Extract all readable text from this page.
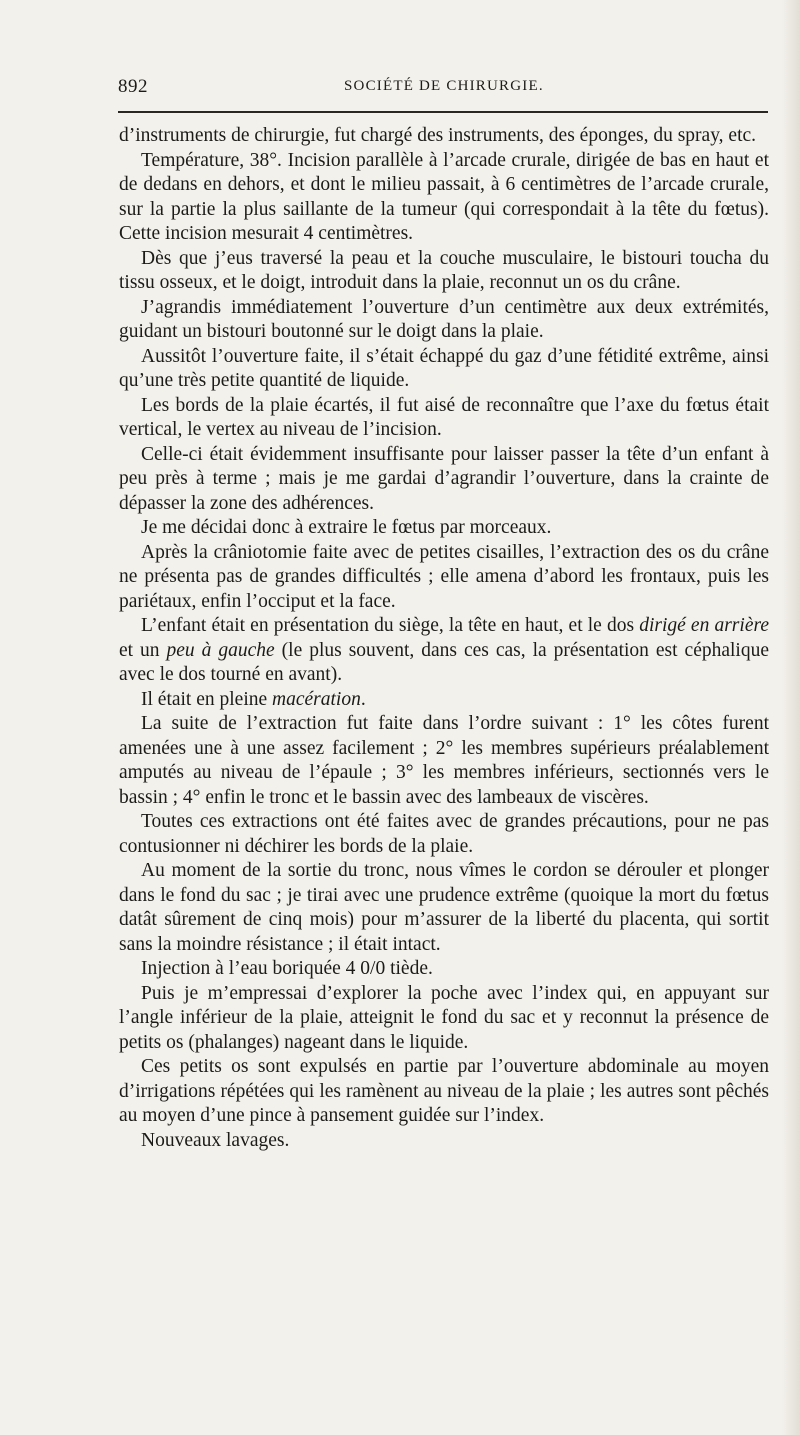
892	SOCIÉTÉ DE CHIRURGIE.

d’instruments de chirurgie, fut chargé des instruments, des éponges, du spray, etc.

Température, 38°. Incision parallèle à l’arcade crurale, dirigée de bas en haut et de dedans en dehors, et dont le milieu passait, à 6 centimètres de l’arcade crurale, sur la partie la plus saillante de la tumeur (qui correspondait à la tête du fœtus). Cette incision mesurait 4 centimètres.

Dès que j’eus traversé la peau et la couche musculaire, le bistouri toucha du tissu osseux, et le doigt, introduit dans la plaie, reconnut un os du crâne.

J’agrandis immédiatement l’ouverture d’un centimètre aux deux extrémités, guidant un bistouri boutonné sur le doigt dans la plaie.

Aussitôt l’ouverture faite, il s’était échappé du gaz d’une fétidité extrême, ainsi qu’une très petite quantité de liquide.

Les bords de la plaie écartés, il fut aisé de reconnaître que l’axe du fœtus était vertical, le vertex au niveau de l’incision.

Celle-ci était évidemment insuffisante pour laisser passer la tête d’un enfant à peu près à terme ; mais je me gardai d’agrandir l’ouverture, dans la crainte de dépasser la zone des adhérences.

Je me décidai donc à extraire le fœtus par morceaux.

Après la crâniotomie faite avec de petites cisailles, l’extraction des os du crâne ne présenta pas de grandes difficultés ; elle amena d’abord les frontaux, puis les pariétaux, enfin l’occiput et la face.

L’enfant était en présentation du siège, la tête en haut, et le dos dirigé en arrière et un peu à gauche (le plus souvent, dans ces cas, la présentation est céphalique avec le dos tourné en avant).

Il était en pleine macération.

La suite de l’extraction fut faite dans l’ordre suivant : 1° les côtes furent amenées une à une assez facilement ; 2° les membres supérieurs préalablement amputés au niveau de l’épaule ; 3° les membres inférieurs, sectionnés vers le bassin ; 4° enfin le tronc et le bassin avec des lambeaux de viscères.

Toutes ces extractions ont été faites avec de grandes précautions, pour ne pas contusionner ni déchirer les bords de la plaie.

Au moment de la sortie du tronc, nous vîmes le cordon se dérouler et plonger dans le fond du sac ; je tirai avec une prudence extrême (quoique la mort du fœtus datât sûrement de cinq mois) pour m’assurer de la liberté du placenta, qui sortit sans la moindre résistance ; il était intact.

Injection à l’eau boriquée 4 0/0 tiède.

Puis je m’empressai d’explorer la poche avec l’index qui, en appuyant sur l’angle inférieur de la plaie, atteignit le fond du sac et y reconnut la présence de petits os (phalanges) nageant dans le liquide.

Ces petits os sont expulsés en partie par l’ouverture abdominale au moyen d’irrigations répétées qui les ramènent au niveau de la plaie ; les autres sont pêchés au moyen d’une pince à pansement guidée sur l’index.

Nouveaux lavages.
